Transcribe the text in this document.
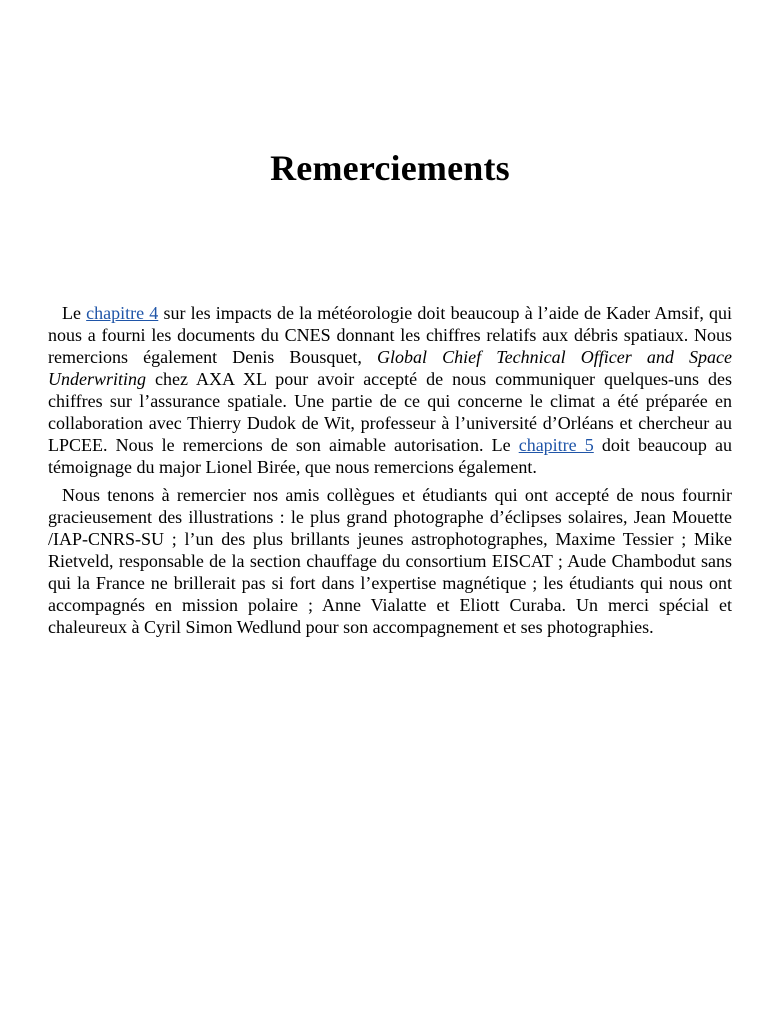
Remerciements

Le chapitre 4 sur les impacts de la météorologie doit beaucoup à l’aide de Kader Amsif, qui nous a fourni les documents du CNES donnant les chiffres relatifs aux débris spatiaux. Nous remercions également Denis Bousquet, Global Chief Technical Officer and Space Underwriting chez AXA XL pour avoir accepté de nous communiquer quelques-uns des chiffres sur l’assurance spatiale. Une partie de ce qui concerne le climat a été préparée en collaboration avec Thierry Dudok de Wit, professeur à l’université d’Orléans et chercheur au LPCEE. Nous le remercions de son aimable autorisation. Le chapitre 5 doit beaucoup au témoignage du major Lionel Birée, que nous remercions également.

Nous tenons à remercier nos amis collègues et étudiants qui ont accepté de nous fournir gracieusement des illustrations : le plus grand photographe d’éclipses solaires, Jean Mouette /IAP-CNRS-SU ; l’un des plus brillants jeunes astrophotographes, Maxime Tessier ; Mike Rietveld, responsable de la section chauffage du consortium EISCAT ; Aude Chambodut sans qui la France ne brillerait pas si fort dans l’expertise magnétique ; les étudiants qui nous ont accompagnés en mission polaire ; Anne Vialatte et Eliott Curaba. Un merci spécial et chaleureux à Cyril Simon Wedlund pour son accompagnement et ses photographies.
